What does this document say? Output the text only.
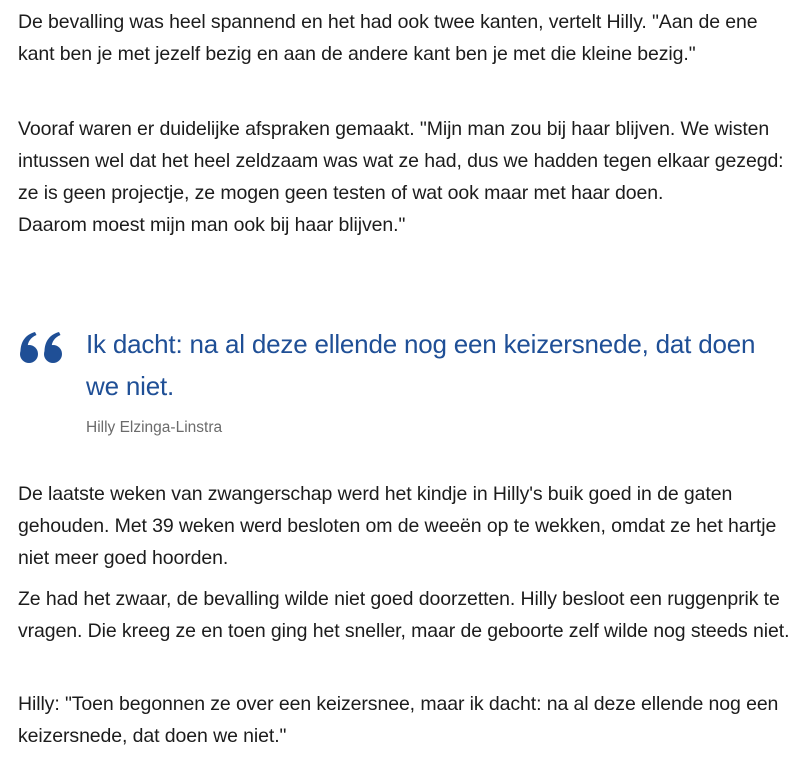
De bevalling was heel spannend en het had ook twee kanten, vertelt Hilly. "Aan de ene kant ben je met jezelf bezig en aan de andere kant ben je met die kleine bezig."

Vooraf waren er duidelijke afspraken gemaakt. "Mijn man zou bij haar blijven. We wisten intussen wel dat het heel zeldzaam was wat ze had, dus we hadden tegen elkaar gezegd: ze is geen projectje, ze mogen geen testen of wat ook maar met haar doen.
Daarom moest mijn man ook bij haar blijven."

Ik dacht: na al deze ellende nog een keizersnede, dat doen we niet.

Hilly Elzinga-Linstra

De laatste weken van zwangerschap werd het kindje in Hilly's buik goed in de gaten gehouden. Met 39 weken werd besloten om de weeën op te wekken, omdat ze het hartje niet meer goed hoorden.

Ze had het zwaar, de bevalling wilde niet goed doorzetten. Hilly besloot een ruggenprik te vragen. Die kreeg ze en toen ging het sneller, maar de geboorte zelf wilde nog steeds niet.

Hilly: "Toen begonnen ze over een keizersnee, maar ik dacht: na al deze ellende nog een keizersnede, dat doen we niet."
